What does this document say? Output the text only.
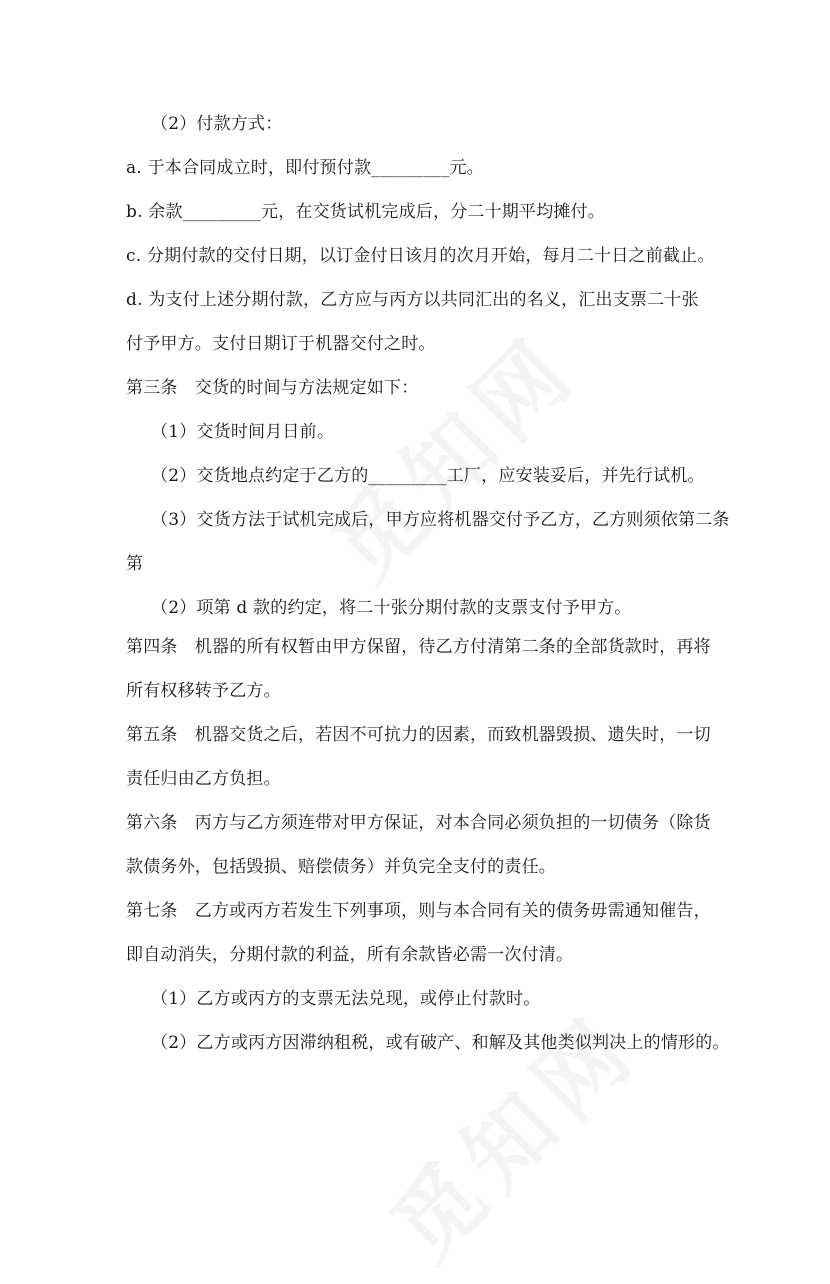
（2）付款方式：
a. 于本合同成立时，即付预付款_________元。
b. 余款_________元，在交货试机完成后，分二十期平均摊付。
c. 分期付款的交付日期，以订金付日该月的次月开始，每月二十日之前截止。
d. 为支付上述分期付款，乙方应与丙方以共同汇出的名义，汇出支票二十张
付予甲方。支付日期订于机器交付之时。
第三条　交货的时间与方法规定如下：
（1）交货时间月日前。
（2）交货地点约定于乙方的_________工厂，应安装妥后，并先行试机。
（3）交货方法于试机完成后，甲方应将机器交付予乙方，乙方则须依第二条
第
（2）项第 d 款的约定，将二十张分期付款的支票支付予甲方。
第四条　机器的所有权暂由甲方保留，待乙方付清第二条的全部货款时，再将
所有权移转予乙方。
第五条　机器交货之后，若因不可抗力的因素，而致机器毁损、遗失时，一切
责任归由乙方负担。
第六条　丙方与乙方须连带对甲方保证，对本合同必须负担的一切债务（除货
款债务外，包括毁损、赔偿债务）并负完全支付的责任。
第七条　乙方或丙方若发生下列事项，则与本合同有关的债务毋需通知催告，
即自动消失，分期付款的利益，所有余款皆必需一次付清。
（1）乙方或丙方的支票无法兑现，或停止付款时。
（2）乙方或丙方因滞纳租税，或有破产、和解及其他类似判决上的情形的。
